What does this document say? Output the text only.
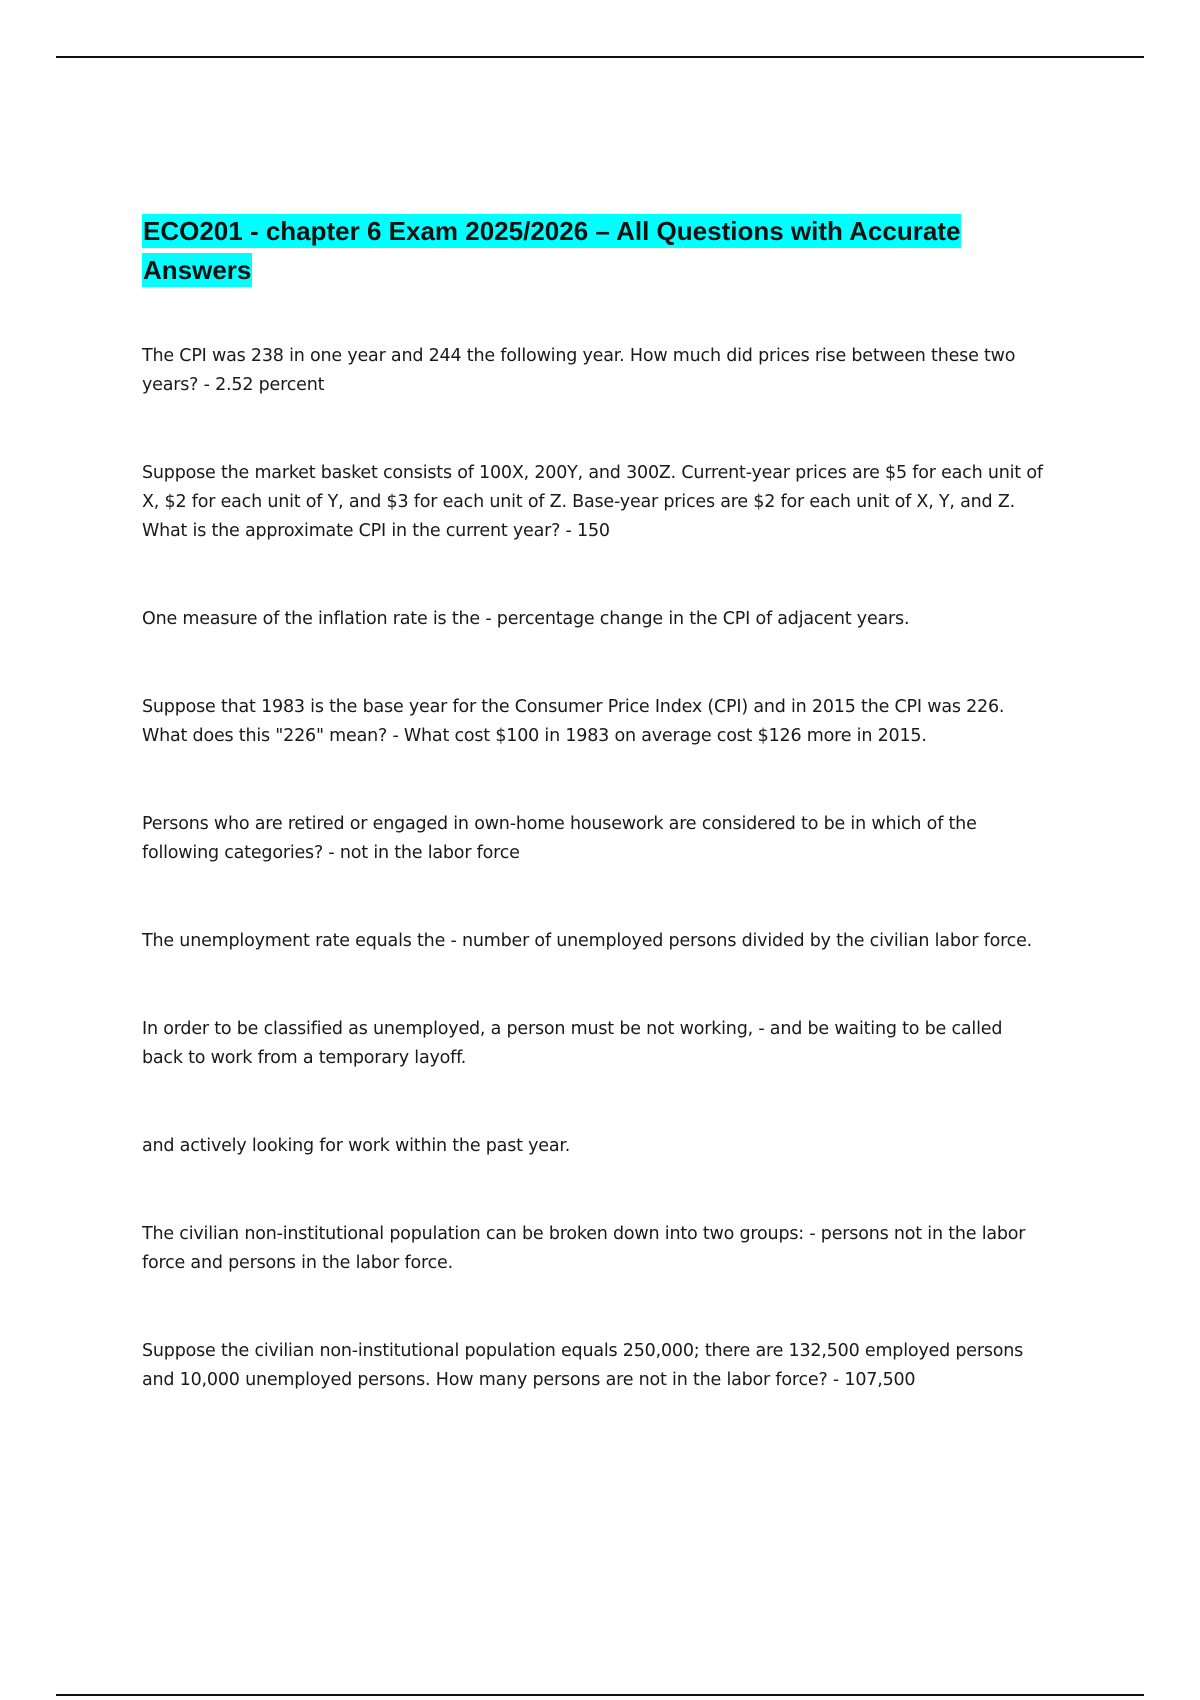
ECO201 - chapter 6 Exam 2025/2026 – All Questions with Accurate Answers

The CPI was 238 in one year and 244 the following year. How much did prices rise between these two
years? - 2.52 percent

Suppose the market basket consists of 100X, 200Y, and 300Z. Current-year prices are $5 for each unit of
X, $2 for each unit of Y, and $3 for each unit of Z. Base-year prices are $2 for each unit of X, Y, and Z.
What is the approximate CPI in the current year? - 150

One measure of the inflation rate is the - percentage change in the CPI of adjacent years.

Suppose that 1983 is the base year for the Consumer Price Index (CPI) and in 2015 the CPI was 226.
What does this "226" mean? - What cost $100 in 1983 on average cost $126 more in 2015.

Persons who are retired or engaged in own-home housework are considered to be in which of the
following categories? - not in the labor force

The unemployment rate equals the - number of unemployed persons divided by the civilian labor force.

In order to be classified as unemployed, a person must be not working, - and be waiting to be called
back to work from a temporary layoff.

and actively looking for work within the past year.

The civilian non-institutional population can be broken down into two groups: - persons not in the labor
force and persons in the labor force.

Suppose the civilian non-institutional population equals 250,000; there are 132,500 employed persons
and 10,000 unemployed persons. How many persons are not in the labor force? - 107,500
